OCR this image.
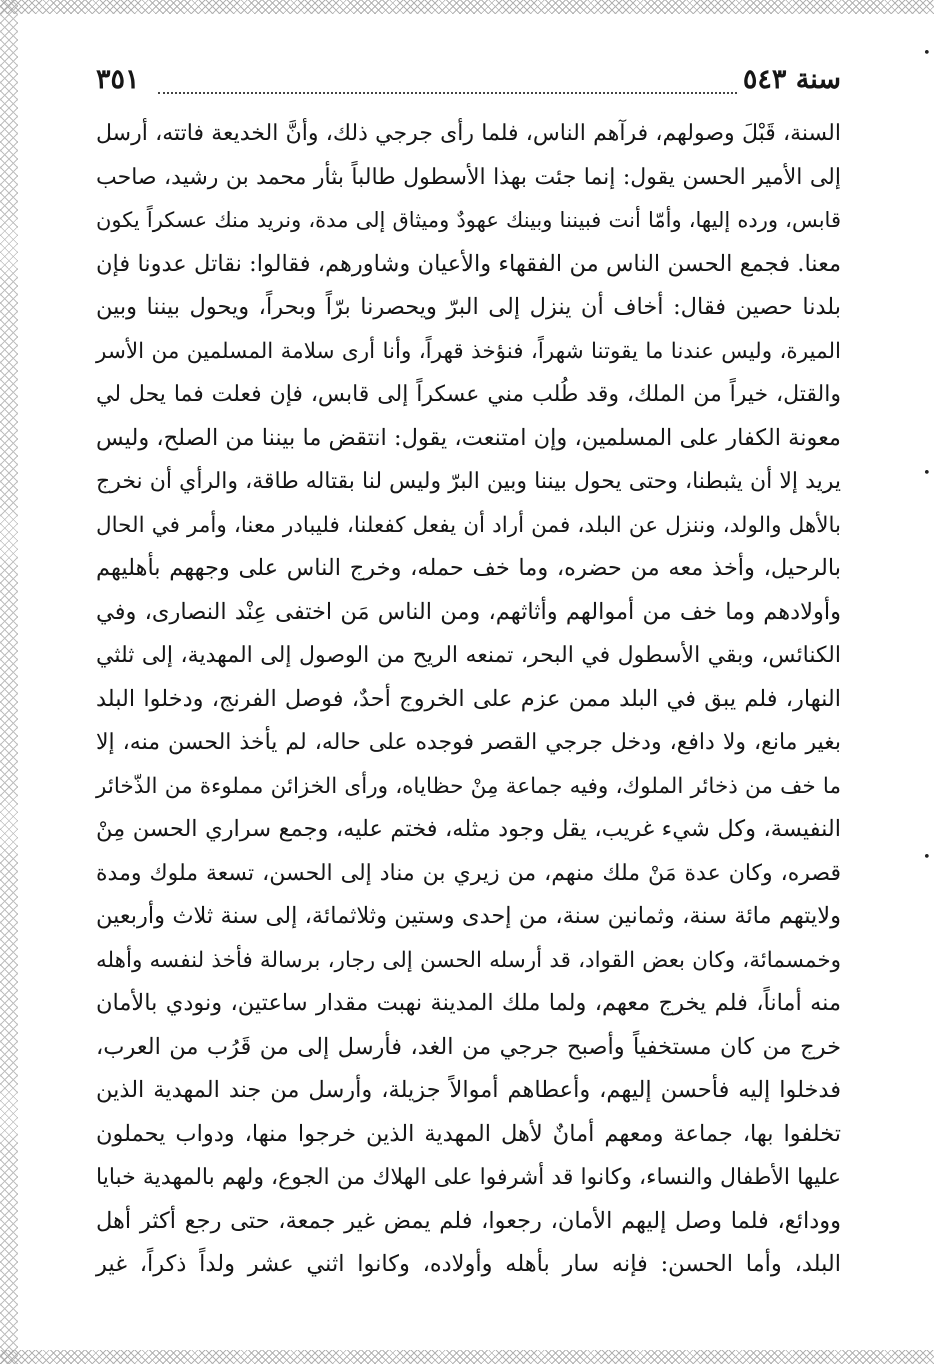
٣٥١	سنة ٥٤٣
السنة، قَبْلَ وصولهم، فرآهم الناس، فلما رأى جرجي ذلك، وأنَّ الخديعة فاتته، أرسل
إلى الأمير الحسن يقول: إنما جئت بهذا الأسطول طالباً بثأر محمد بن رشيد، صاحب
قابس، ورده إليها، وأمّا أنت فبيننا وبينك عهودٌ وميثاق إلى مدة، ونريد منك عسكراً يكون
معنا. فجمع الحسن الناس من الفقهاء والأعيان وشاورهم، فقالوا: نقاتل عدونا فإن
بلدنا حصين فقال: أخاف أن ينزل إلى البرّ ويحصرنا برّاً وبحراً، ويحول بيننا وبين
الميرة، وليس عندنا ما يقوتنا شهراً، فنؤخذ قهراً، وأنا أرى سلامة المسلمين من الأسر
والقتل، خيراً من الملك، وقد طُلب مني عسكراً إلى قابس، فإن فعلت فما يحل لي
معونة الكفار على المسلمين، وإن امتنعت، يقول: انتقض ما بيننا من الصلح، وليس
يريد إلا أن يثبطنا، وحتى يحول بيننا وبين البرّ وليس لنا بقتاله طاقة، والرأي أن نخرج
بالأهل والولد، وننزل عن البلد، فمن أراد أن يفعل كفعلنا، فليبادر معنا، وأمر في الحال
بالرحيل، وأخذ معه من حضره، وما خف حمله، وخرج الناس على وجههم بأهليهم
وأولادهم وما خف من أموالهم وأثاثهم، ومن الناس مَن اختفى عِنْد النصارى، وفي
الكنائس، وبقي الأسطول في البحر، تمنعه الريح من الوصول إلى المهدية، إلى ثلثي
النهار، فلم يبق في البلد ممن عزم على الخروج أحدٌ، فوصل الفرنج، ودخلوا البلد
بغير مانع، ولا دافع، ودخل جرجي القصر فوجده على حاله، لم يأخذ الحسن منه، إلا
ما خف من ذخائر الملوك، وفيه جماعة مِنْ حظاياه، ورأى الخزائن مملوءة من الذّخائر
النفيسة، وكل شيء غريب، يقل وجود مثله، فختم عليه، وجمع سراري الحسن مِنْ
قصره، وكان عدة مَنْ ملك منهم، من زيري بن مناد إلى الحسن، تسعة ملوك ومدة
ولايتهم مائة سنة، وثمانين سنة، من إحدى وستين وثلاثمائة، إلى سنة ثلاث وأربعين
وخمسمائة، وكان بعض القواد، قد أرسله الحسن إلى رجار، برسالة فأخذ لنفسه وأهله
منه أماناً، فلم يخرج معهم، ولما ملك المدينة نهبت مقدار ساعتين، ونودي بالأمان
خرج من كان مستخفياً وأصبح جرجي من الغد، فأرسل إلى من قَرُب من العرب،
فدخلوا إليه فأحسن إليهم، وأعطاهم أموالاً جزيلة، وأرسل من جند المهدية الذين
تخلفوا بها، جماعة ومعهم أمانٌ لأهل المهدية الذين خرجوا منها، ودواب يحملون
عليها الأطفال والنساء، وكانوا قد أشرفوا على الهلاك من الجوع، ولهم بالمهدية خبايا
وودائع، فلما وصل إليهم الأمان، رجعوا، فلم يمض غير جمعة، حتى رجع أكثر أهل
البلد، وأما الحسن: فإنه سار بأهله وأولاده، وكانوا اثني عشر ولداً ذكراً، غير
•
•
•
